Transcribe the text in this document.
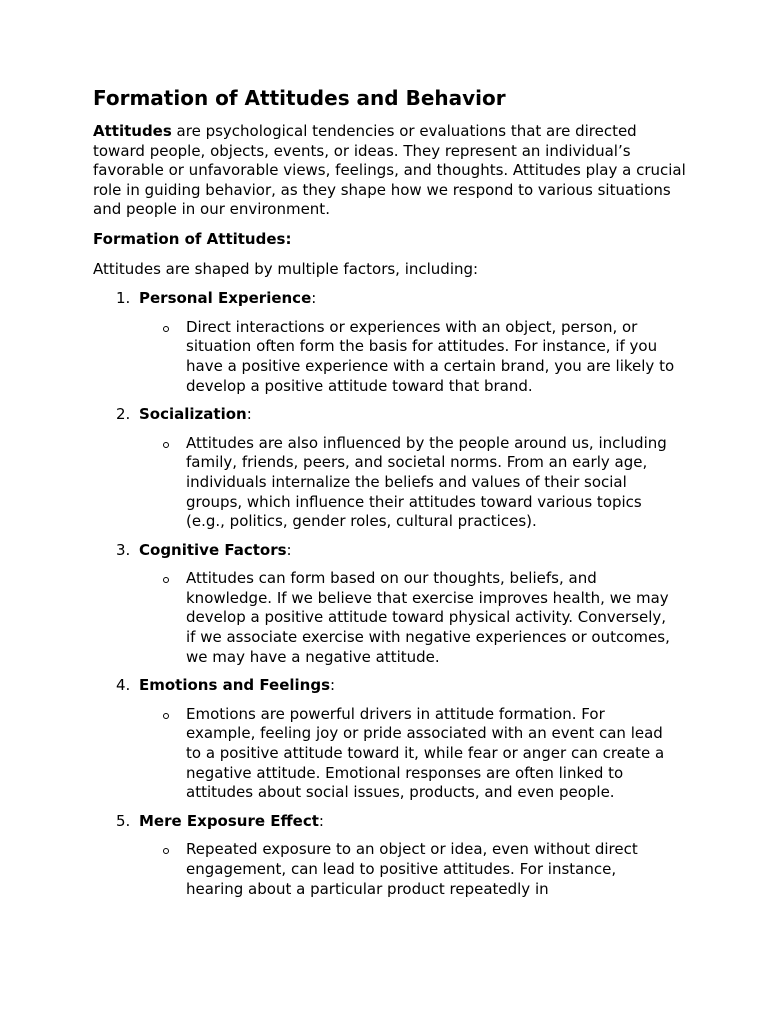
Formation of Attitudes and Behavior

Attitudes are psychological tendencies or evaluations that are directed toward people, objects, events, or ideas. They represent an individual’s favorable or unfavorable views, feelings, and thoughts. Attitudes play a crucial role in guiding behavior, as they shape how we respond to various situations and people in our environment.

Formation of Attitudes:

Attitudes are shaped by multiple factors, including:

1. Personal Experience:
Direct interactions or experiences with an object, person, or situation often form the basis for attitudes. For instance, if you have a positive experience with a certain brand, you are likely to develop a positive attitude toward that brand.
2. Socialization:
Attitudes are also influenced by the people around us, including family, friends, peers, and societal norms. From an early age, individuals internalize the beliefs and values of their social groups, which influence their attitudes toward various topics (e.g., politics, gender roles, cultural practices).
3. Cognitive Factors:
Attitudes can form based on our thoughts, beliefs, and knowledge. If we believe that exercise improves health, we may develop a positive attitude toward physical activity. Conversely, if we associate exercise with negative experiences or outcomes, we may have a negative attitude.
4. Emotions and Feelings:
Emotions are powerful drivers in attitude formation. For example, feeling joy or pride associated with an event can lead to a positive attitude toward it, while fear or anger can create a negative attitude. Emotional responses are often linked to attitudes about social issues, products, and even people.
5. Mere Exposure Effect:
Repeated exposure to an object or idea, even without direct engagement, can lead to positive attitudes. For instance, hearing about a particular product repeatedly in
